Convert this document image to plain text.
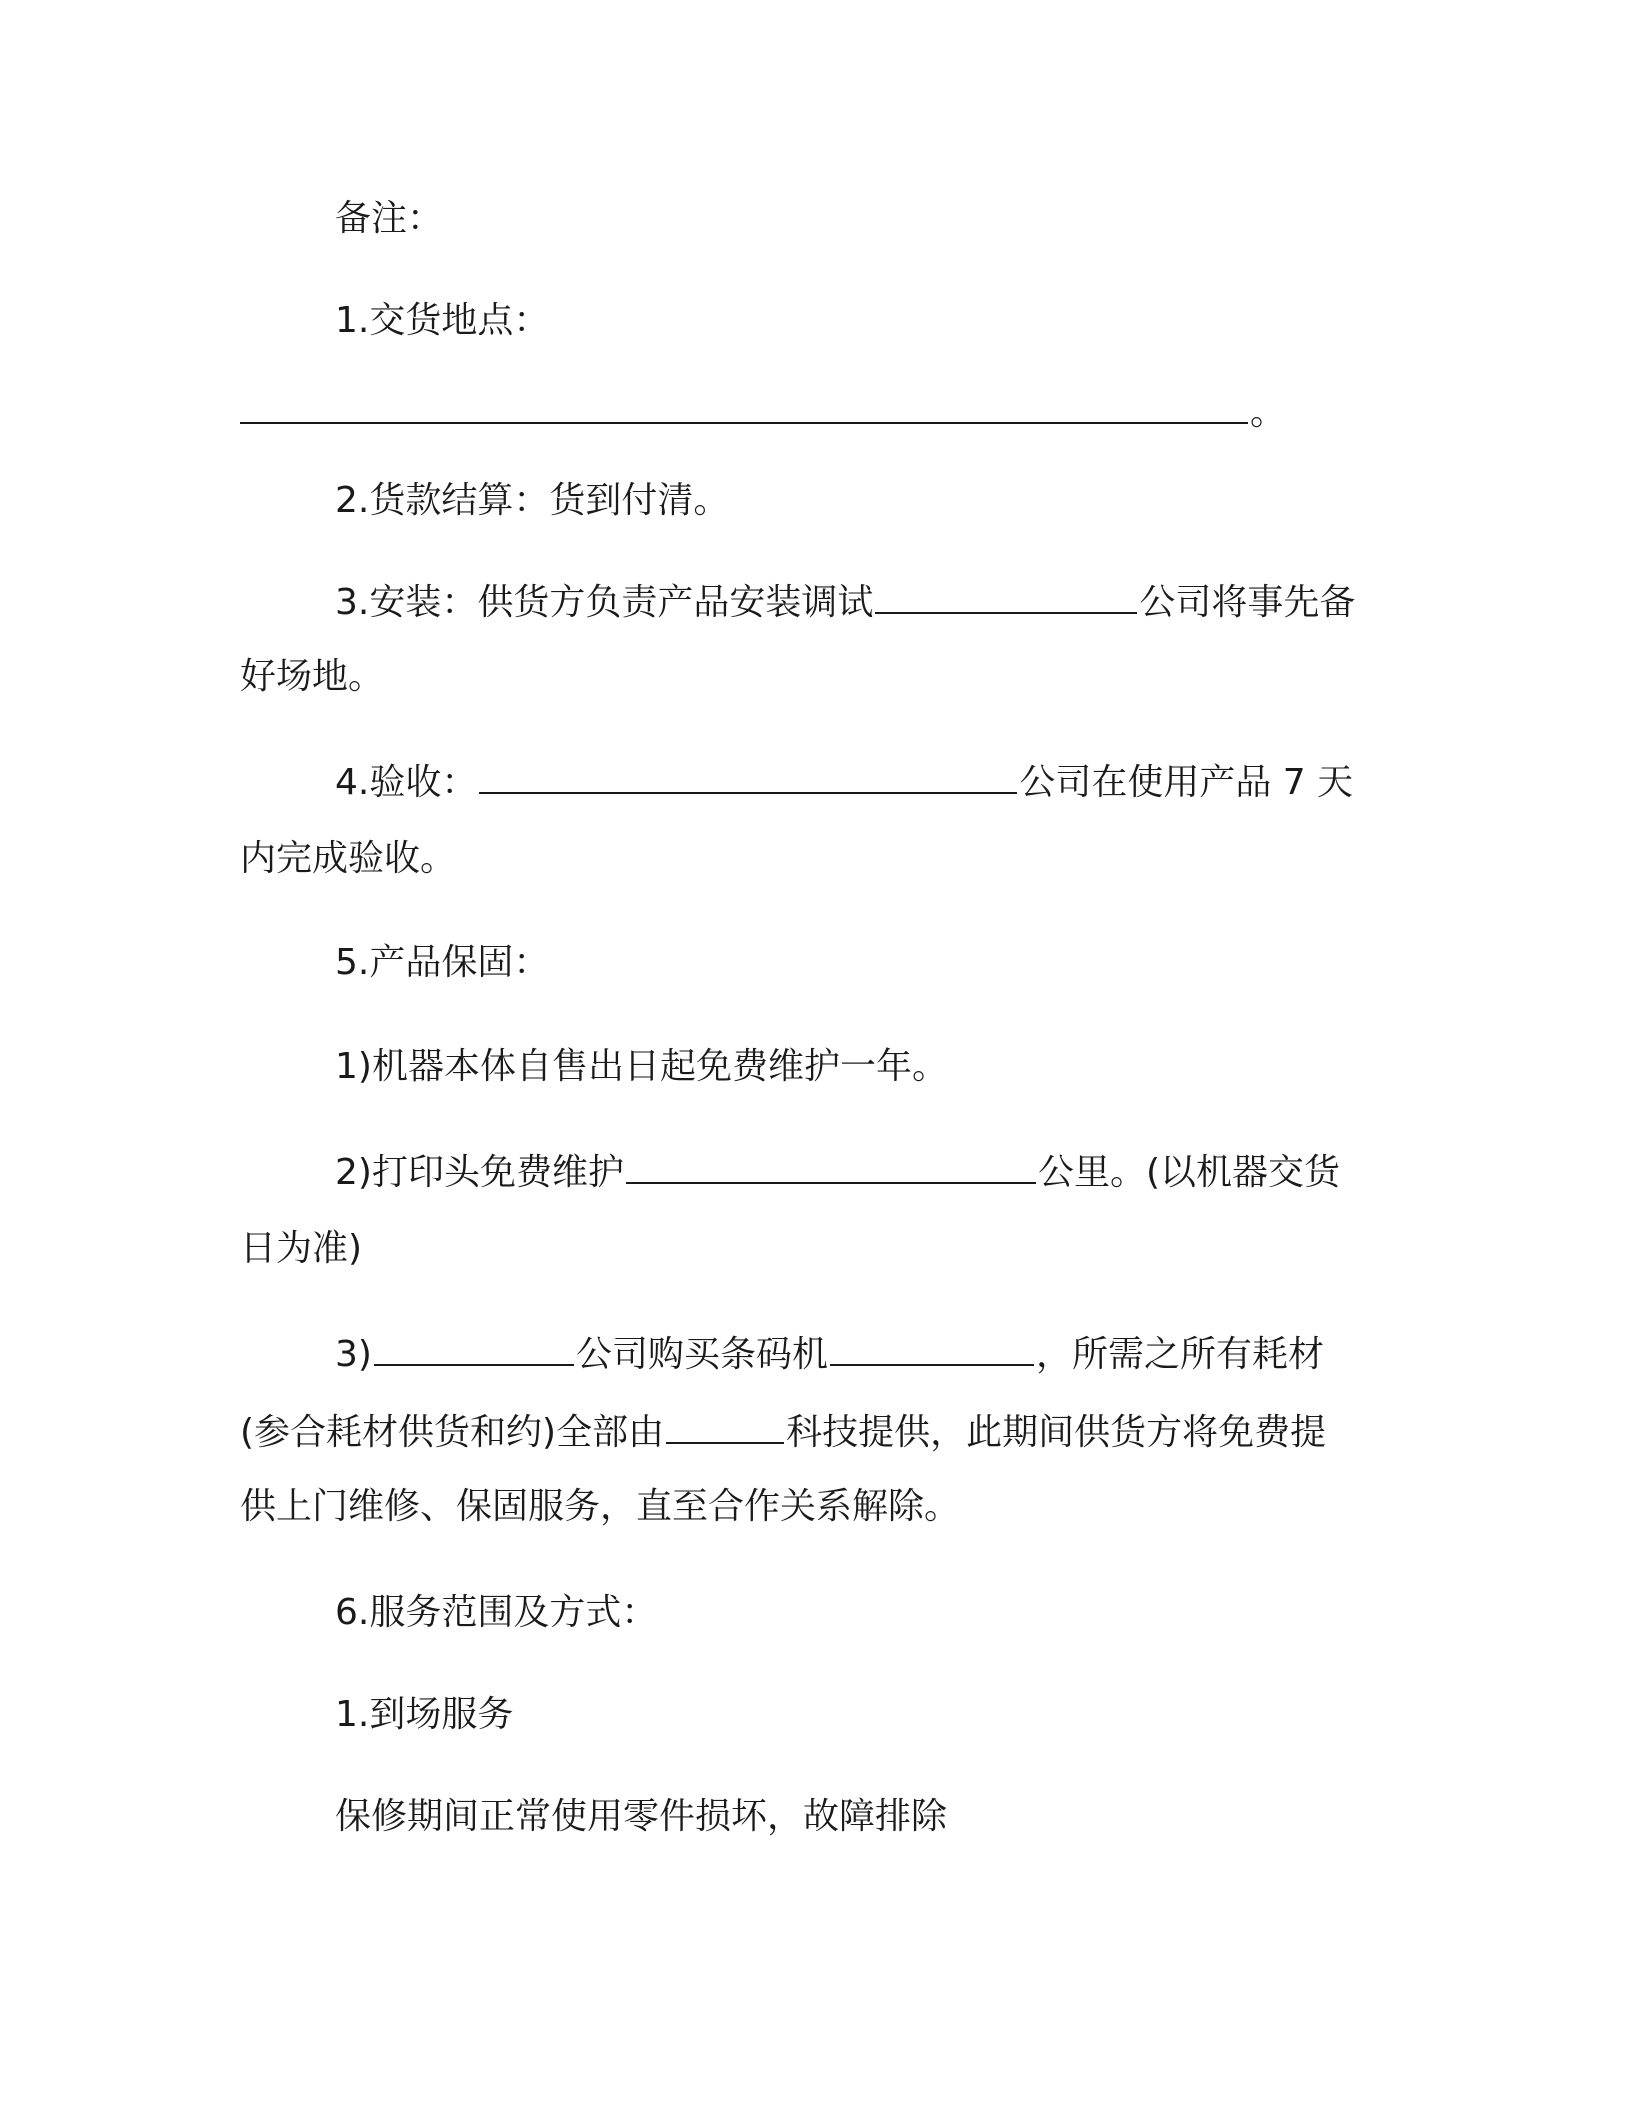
备注：
1.交货地点：
。
2.货款结算：货到付清。
3.安装：供货方负责产品安装调试	公司将事先备
好场地。
4.验收：	公司在使用产品 7 天
内完成验收。
5.产品保固：
1)机器本体自售出日起免费维护一年。
2)打印头免费维护	公里。(以机器交货
日为准)
3)	公司购买条码机	，所需之所有耗材
(参合耗材供货和约)全部由	科技提供，此期间供货方将免费提
供上门维修、保固服务，直至合作关系解除。
6.服务范围及方式：
1.到场服务
保修期间正常使用零件损坏，故障排除
